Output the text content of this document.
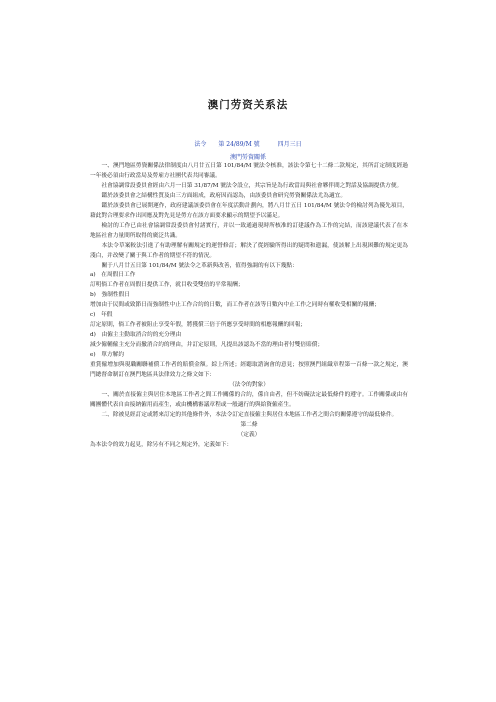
澳门劳资关系法
法令　　第 24/89/M 號　　　四月三日
澳門勞資關係

一、澳門地區勞資關係法律制度由八月廿五日第 101/84/M 號法令核准，該法令第七十二條二款規定，其所訂定制度經過一年後必須由行政當局及勞雇方社團代表共同審議。

社會協調常設委員會經由六月一日第 31/87/M 號法令設立，其宗旨是為行政當局與社會夥伴間之對話及協調提供方便。

鑑於該委員會之結構性質及由三方面組成，政府因而認為，由該委員會研究勞資關係法尤為適宜。

鑑於該委員會已展開運作，政府建議該委員會在年度活動計劃內，將八月廿五日 101/84/M 號法令的檢討列為優先項目，藉此對合理要求作出回應及對先見是勞方在該方面要求顯示的期望予以滿足。

檢討的工作已由社會協調常設委員會付諸實行，并以一致通過現時所核准的訂建議作為工作的完結，而該建議代表了在本地區社會力量間所取得的廣泛共識。

本法令草案較法引進了有助理解有關規定的運營修訂；解決了從經驗所得出的疑問和遺漏，使該解上出現困難的規定更為淺白，并改變了關于與工作者的期望不符的情況。

關于八月廿五日第 101/84/M 號法令之革新與改善，值得強調的有以下幾點：

a)　在周假日工作

訂明倘工作者在周假日提供工作，就目收受雙倍的平常報酬；

b)　強制性假日

增加由于民間或致節日而強制性中止工作合約的日數，而工作者在該等日數內中止工作之同時有權收受相關的報酬；

c)　年假

訂定原則，倘工作者被阻止享受年假，將獲償三倍于所應享受時間的相應報酬的回報；

d)　由僱主主動取消合約的充分理由

減少僱輔僱主充分而撤消合約的理由，并訂定原則，凡提出該認為不當的理由者付雙倍賠償；

e)　單方解約

重賞僱增加與現職關聯補償工作者的賠償金額。綜上所述；經聽取諮詢會的意見；按照澳門組織章程第一百條一款之規定，澳門總督命制訂在澳門地區具法律效力之條文如下：

（法令的對象）

一、關於直接僱主與居住本地區工作者之間工作關係的合約，係自由者，但不妨礙法定最低條件的遵守。工作關係或由有關團體代表自由接納僱用而產生，或由機構審議章程或一般適行的與給資僱產生。

二、除被見經訂定或將來訂定的其他條件外，本法令訂定直接僱主與居住本地區工作者之間合約關係遵守的最低條件。

第二條

（定義）

為本法令的效力起見，除另有不同之規定外，定義如下：
